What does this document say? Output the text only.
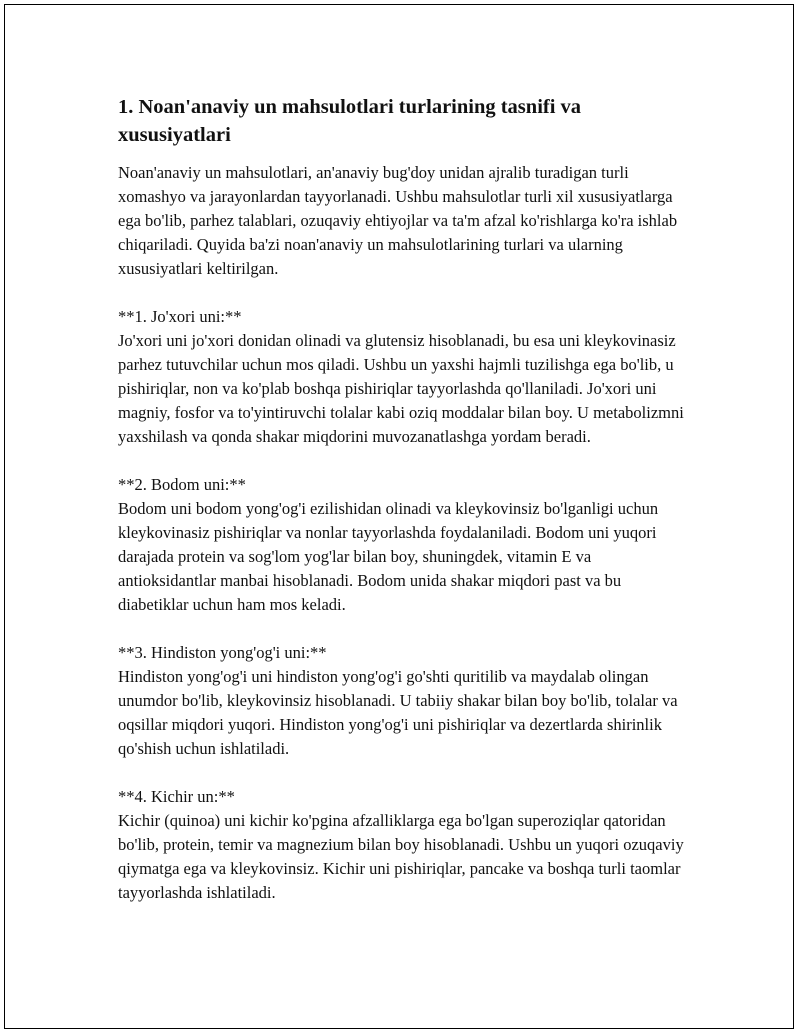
1. Noan'anaviy un mahsulotlari turlarining tasnifi va xususiyatlari

Noan'anaviy un mahsulotlari, an'anaviy bug'doy unidan ajralib turadigan turli xomashyo va jarayonlardan tayyorlanadi. Ushbu mahsulotlar turli xil xususiyatlarga ega bo'lib, parhez talablari, ozuqaviy ehtiyojlar va ta'm afzal ko'rishlarga ko'ra ishlab chiqariladi. Quyida ba'zi noan'anaviy un mahsulotlarining turlari va ularning xususiyatlari keltirilgan.

**1. Jo'xori uni:**

Jo'xori uni jo'xori donidan olinadi va glutensiz hisoblanadi, bu esa uni kleykovinasiz parhez tutuvchilar uchun mos qiladi. Ushbu un yaxshi hajmli tuzilishga ega bo'lib, u pishiriqlar, non va ko'plab boshqa pishiriqlar tayyorlashda qo'llaniladi. Jo'xori uni magniy, fosfor va to'yintiruvchi tolalar kabi oziq moddalar bilan boy. U metabolizmni yaxshilash va qonda shakar miqdorini muvozanatlashga yordam beradi.

**2. Bodom uni:**

Bodom uni bodom yong'og'i ezilishidan olinadi va kleykovinsiz bo'lganligi uchun kleykovinasiz pishiriqlar va nonlar tayyorlashda foydalaniladi. Bodom uni yuqori darajada protein va sog'lom yog'lar bilan boy, shuningdek, vitamin E va antioksidantlar manbai hisoblanadi. Bodom unida shakar miqdori past va bu diabetiklar uchun ham mos keladi.

**3. Hindiston yong'og'i uni:**

Hindiston yong'og'i uni hindiston yong'og'i go'shti quritilib va maydalab olingan unumdor bo'lib, kleykovinsiz hisoblanadi. U tabiiy shakar bilan boy bo'lib, tolalar va oqsillar miqdori yuqori. Hindiston yong'og'i uni pishiriqlar va dezertlarda shirinlik qo'shish uchun ishlatiladi.

**4. Kichir un:**

Kichir (quinoa) uni kichir ko'pgina afzalliklarga ega bo'lgan superoziqlar qatoridan bo'lib, protein, temir va magnezium bilan boy hisoblanadi. Ushbu un yuqori ozuqaviy qiymatga ega va kleykovinsiz. Kichir uni pishiriqlar, pancake va boshqa turli taomlar tayyorlashda ishlatiladi.
